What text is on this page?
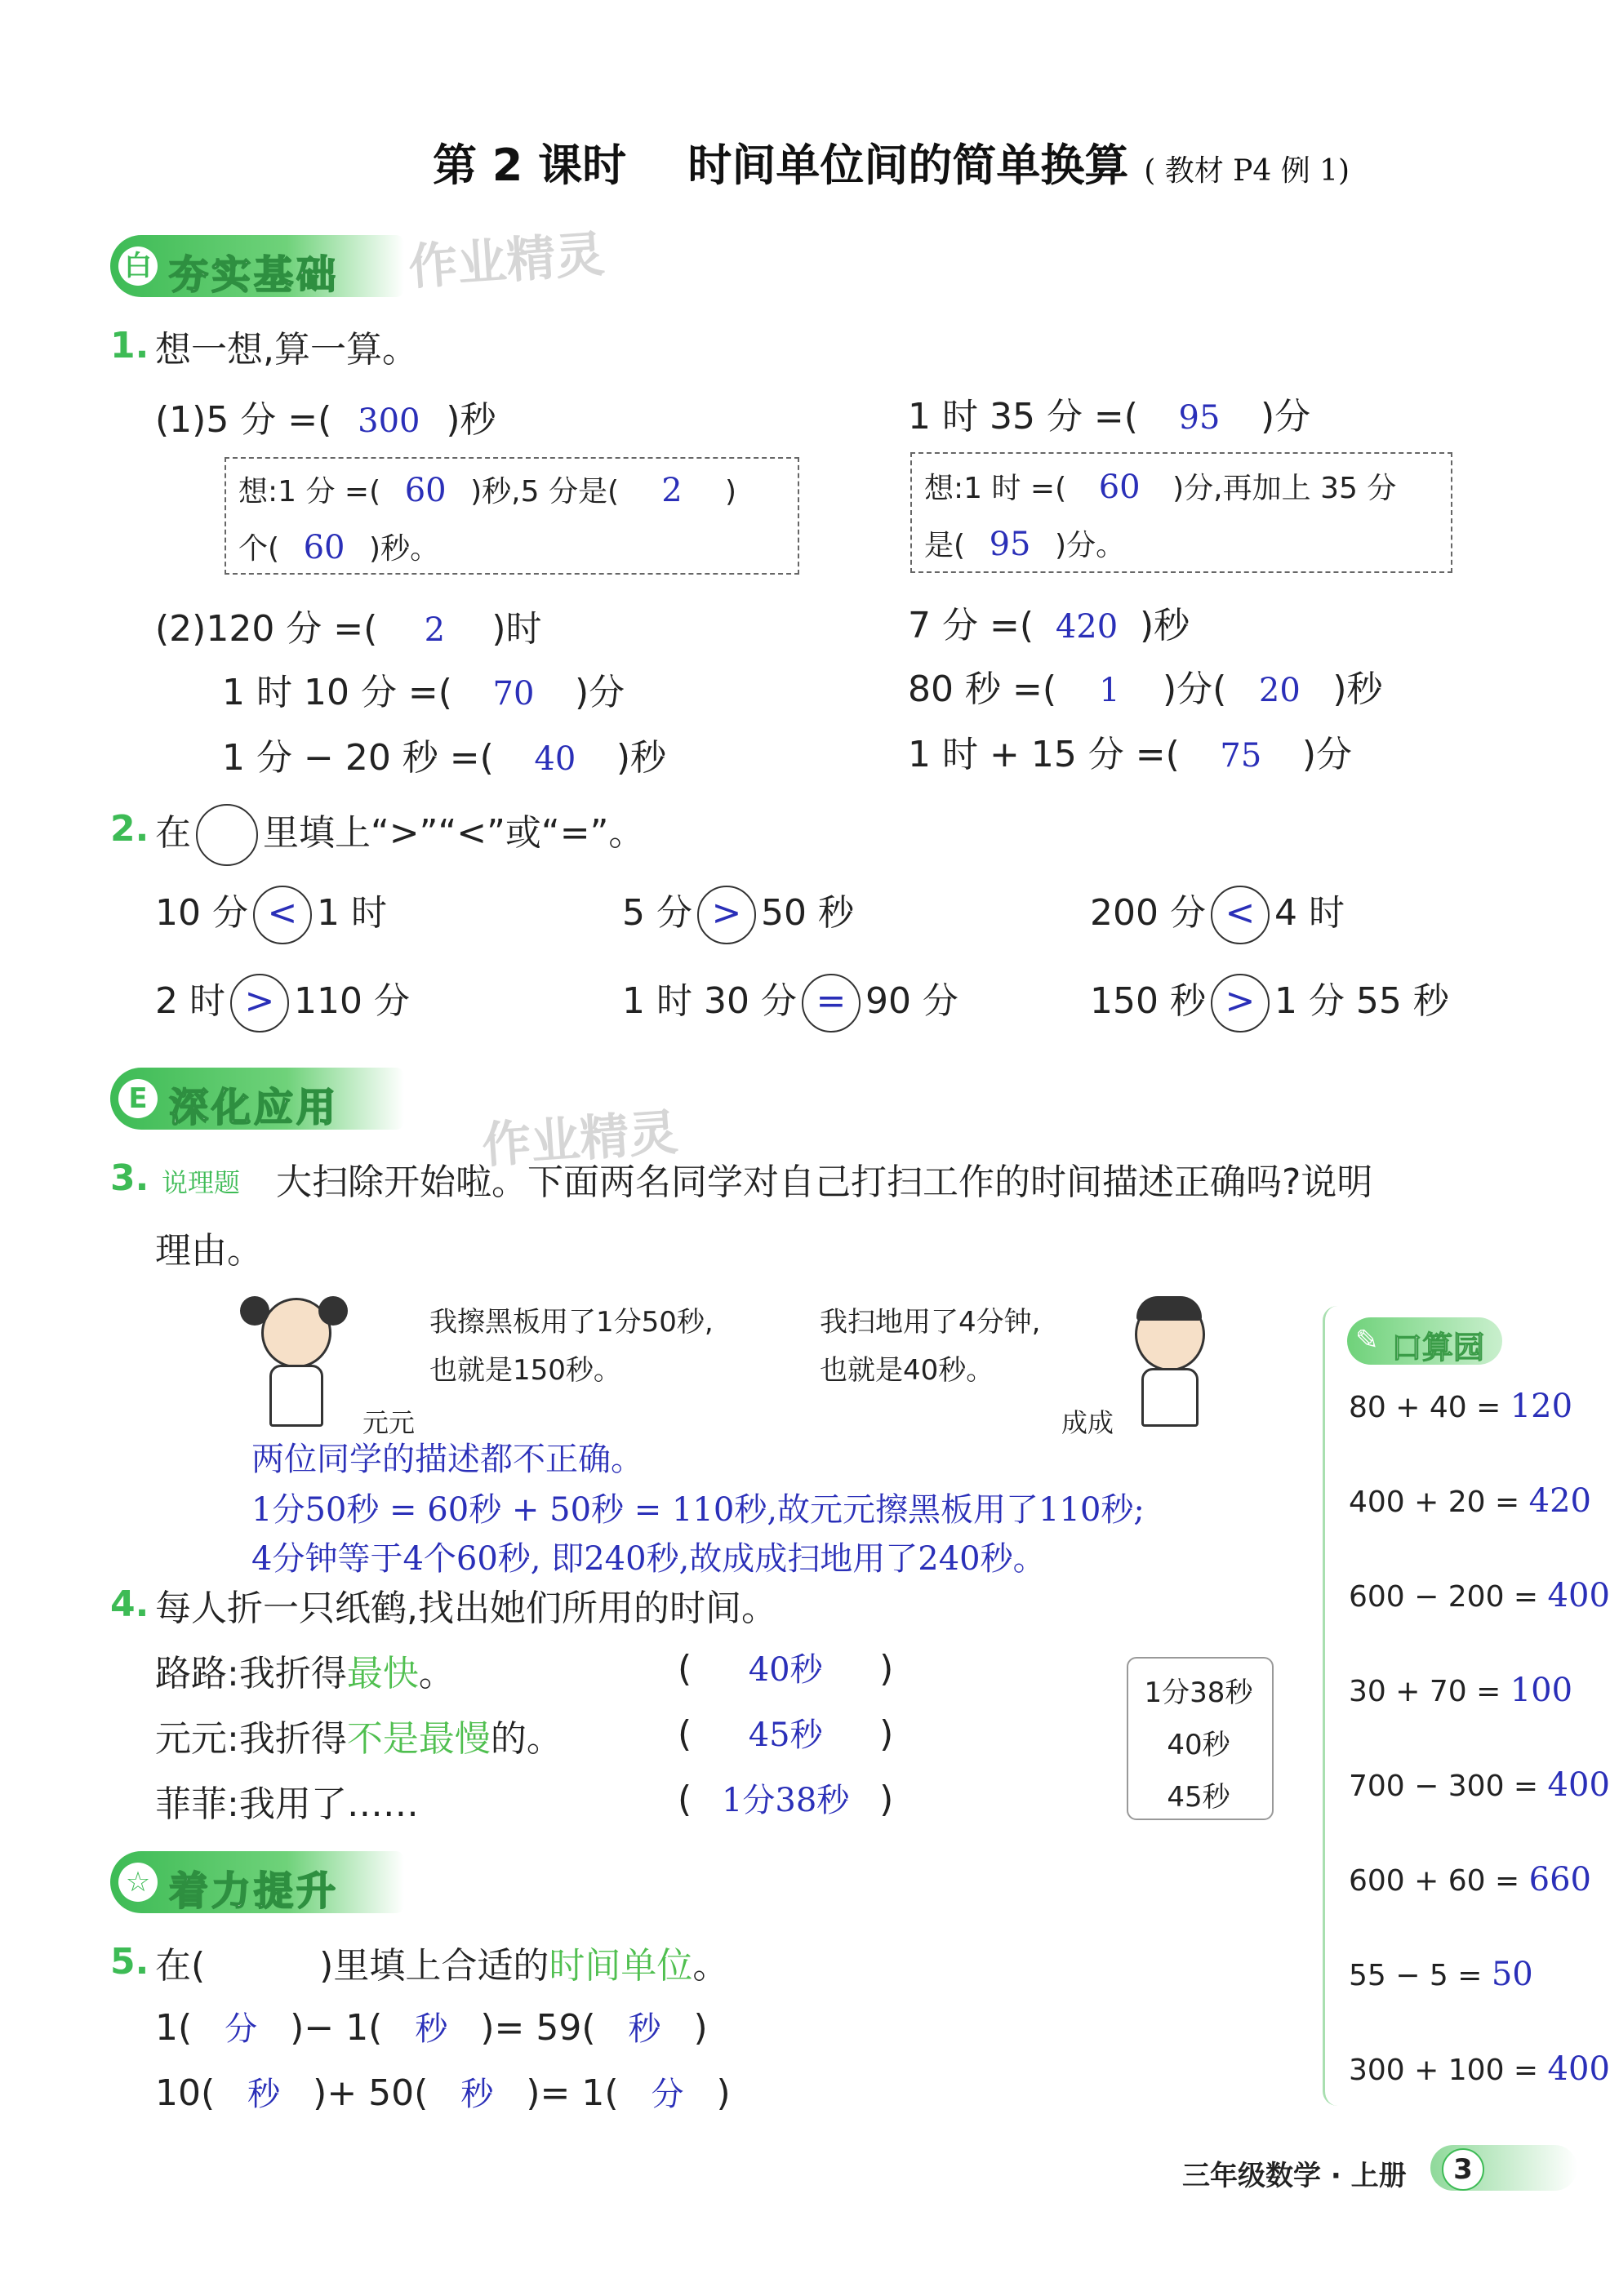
第 2 课时 时间单位间的简单换算 ( 教材 P4 例 1)
白 夯实基础 作业精灵
1. 想一想,算一算。
(1)5 分 =( 300 )秒	1 时 35 分 =( 95 )分
想:1 分 =( 60 )秒,5 分是( 2 )
个( 60 )秒。
想:1 时 =( 60 )分,再加上 35 分
是( 95 )分。
(2)120 分 =( 2 )时	7 分 =( 420 )秒
1 时 10 分 =( 70 )分	80 秒 =( 1 )分( 20 )秒
1 分 − 20 秒 =( 40 )秒	1 时 + 15 分 =( 75 )分
2. 在 里填上“>”“<”或“=”。
10 分 < 1 时	5 分 > 50 秒	200 分 < 4 时
2 时 > 110 分	1 时 30 分 = 90 分	150 秒 > 1 分 55 秒
E 深化应用	作业精灵
3. 说理题 大扫除开始啦。下面两名同学对自己打扫工作的时间描述正确吗?说明
理由。
我擦黑板用了1分50秒,
也就是150秒。
元元
我扫地用了4分钟,
也就是40秒。
成成
两位同学的描述都不正确。
1分50秒 = 60秒 + 50秒 = 110秒,故元元擦黑板用了110秒;
4分钟等于4个60秒, 即240秒,故成成扫地用了240秒。
4. 每人折一只纸鹤,找出她们所用的时间。
路路:我折得最快。	( 40秒 )
元元:我折得不是最慢的。	( 45秒 )
菲菲:我用了……	( 1分38秒 )
1分38秒
40秒
45秒
☆ 着力提升
5. 在(	)里填上合适的时间单位。
1( 分 )− 1( 秒 )= 59( 秒 )
10( 秒 )+ 50( 秒 )= 1( 分 )
✎ 口算园
80 + 40 = 120
400 + 20 = 420
600 − 200 = 400
30 + 70 = 100
700 − 300 = 400
600 + 60 = 660
55 − 5 = 50
300 + 100 = 400
三年级数学 · 上册	3
